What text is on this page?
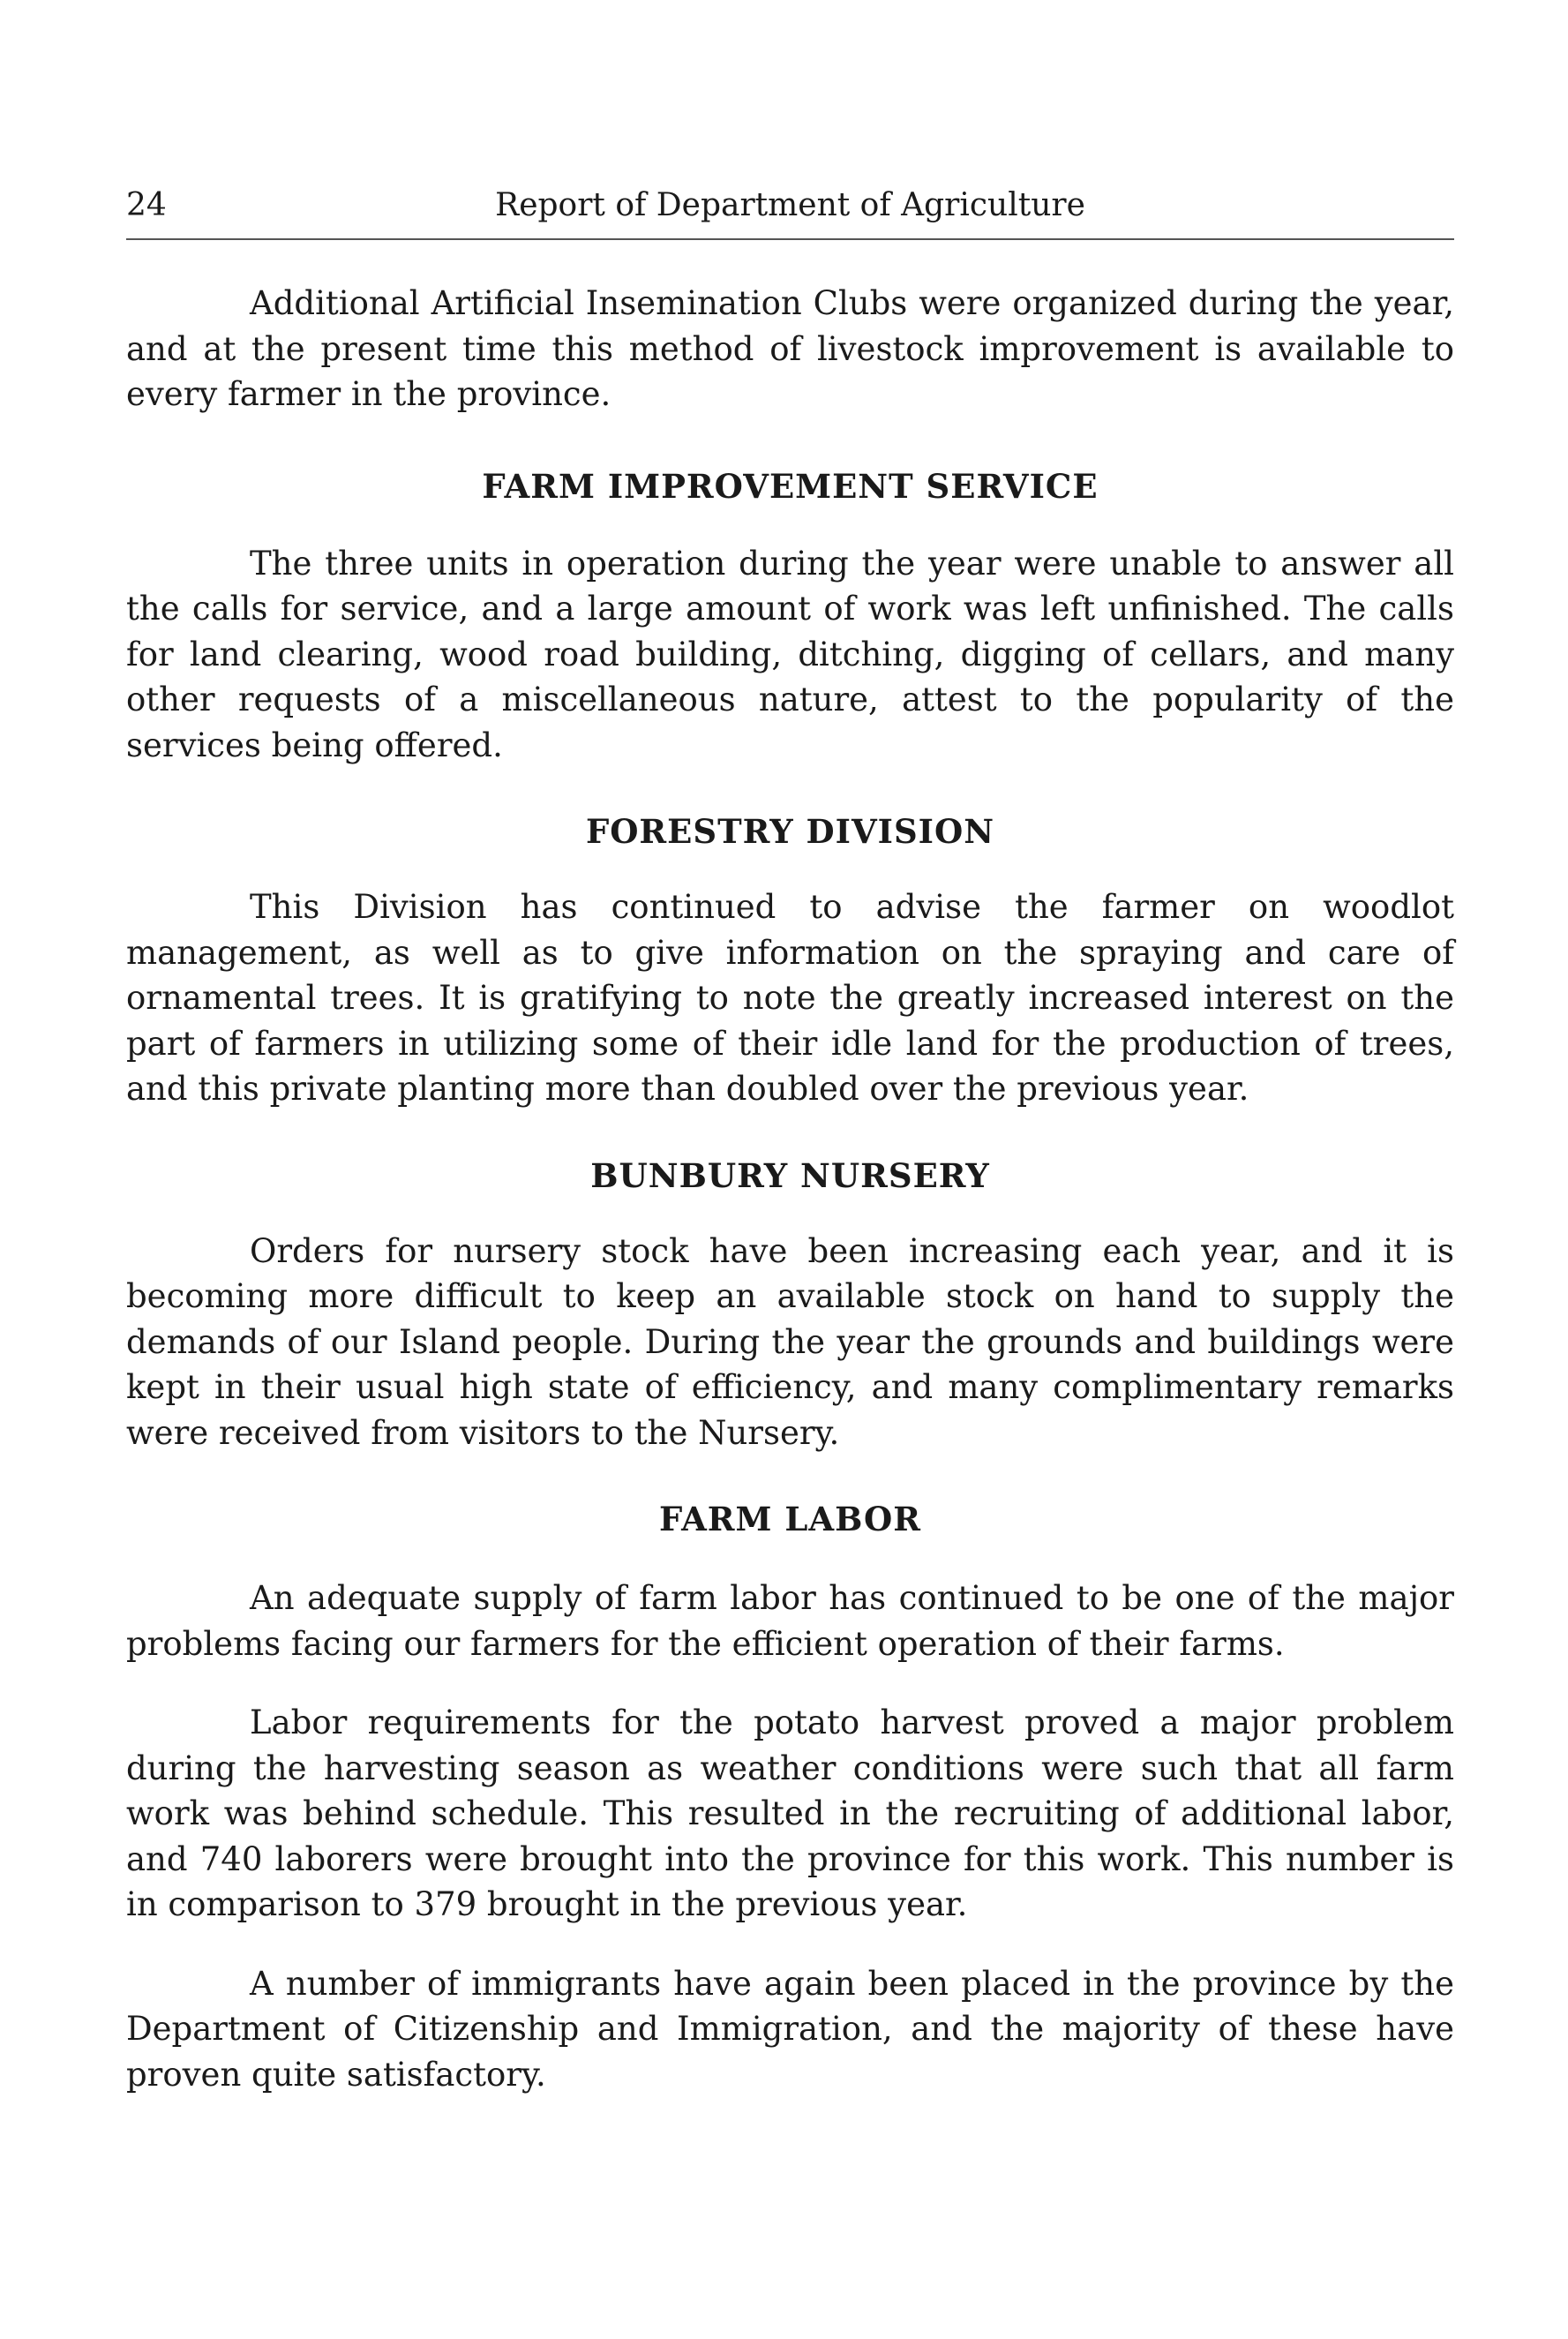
24	Report of Department of Agriculture

Additional Artificial Insemination Clubs were organized during the year, and at the present time this method of livestock improvement is available to every farmer in the province.

FARM IMPROVEMENT SERVICE

The three units in operation during the year were unable to answer all the calls for service, and a large amount of work was left unfinished. The calls for land clearing, wood road building, ditching, digging of cellars, and many other requests of a miscellaneous nature, attest to the popularity of the services being offered.

FORESTRY DIVISION

This Division has continued to advise the farmer on woodlot management, as well as to give information on the spraying and care of ornamental trees. It is gratifying to note the greatly increased interest on the part of farmers in utilizing some of their idle land for the production of trees, and this private planting more than doubled over the previous year.

BUNBURY NURSERY

Orders for nursery stock have been increasing each year, and it is becoming more difficult to keep an available stock on hand to supply the demands of our Island people. During the year the grounds and buildings were kept in their usual high state of efficiency, and many complimentary remarks were received from visitors to the Nursery.

FARM LABOR

An adequate supply of farm labor has continued to be one of the major problems facing our farmers for the efficient operation of their farms.

Labor requirements for the potato harvest proved a major problem during the harvesting season as weather conditions were such that all farm work was behind schedule. This resulted in the recruiting of additional labor, and 740 laborers were brought into the province for this work. This number is in comparison to 379 brought in the previous year.

A number of immigrants have again been placed in the province by the Department of Citizenship and Immigration, and the majority of these have proven quite satisfactory.
